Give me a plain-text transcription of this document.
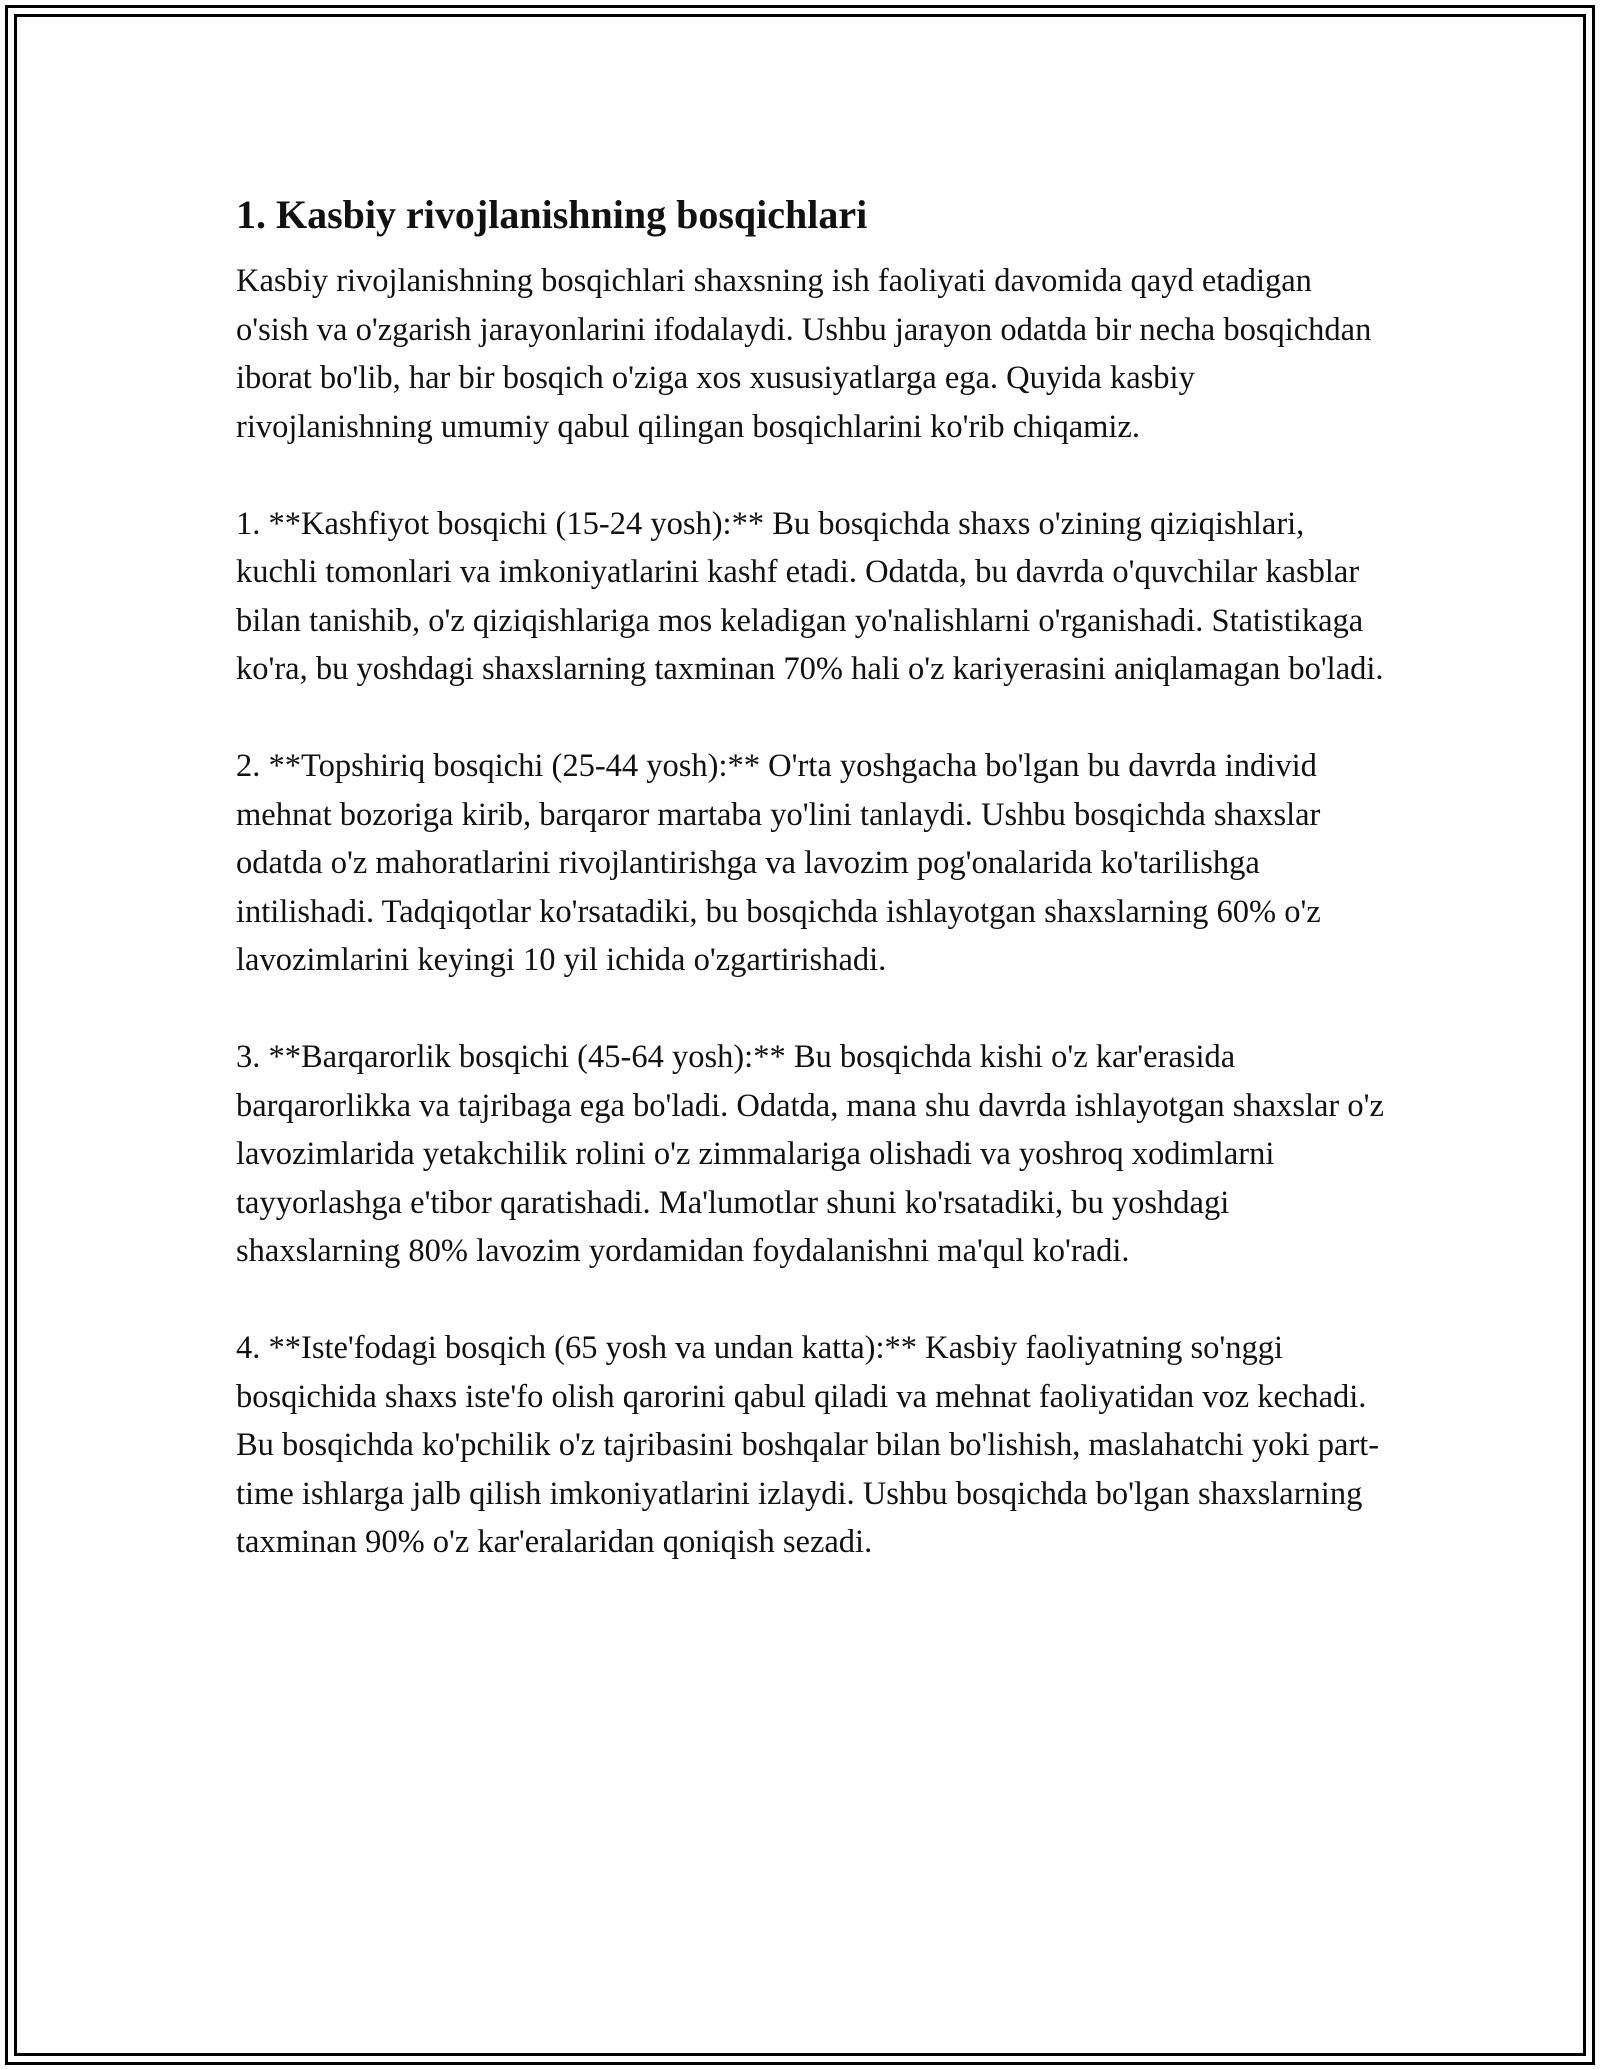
1. Kasbiy rivojlanishning bosqichlari

Kasbiy rivojlanishning bosqichlari shaxsning ish faoliyati davomida qayd etadigan o'sish va o'zgarish jarayonlarini ifodalaydi. Ushbu jarayon odatda bir necha bosqichdan iborat bo'lib, har bir bosqich o'ziga xos xususiyatlarga ega. Quyida kasbiy rivojlanishning umumiy qabul qilingan bosqichlarini ko'rib chiqamiz.

1. **Kashfiyot bosqichi (15-24 yosh):** Bu bosqichda shaxs o'zining qiziqishlari, kuchli tomonlari va imkoniyatlarini kashf etadi. Odatda, bu davrda o'quvchilar kasblar bilan tanishib, o'z qiziqishlariga mos keladigan yo'nalishlarni o'rganishadi. Statistikaga ko'ra, bu yoshdagi shaxslarning taxminan 70% hali o'z kariyerasini aniqlamagan bo'ladi.

2. **Topshiriq bosqichi (25-44 yosh):** O'rta yoshgacha bo'lgan bu davrda individ mehnat bozoriga kirib, barqaror martaba yo'lini tanlaydi. Ushbu bosqichda shaxslar odatda o'z mahoratlarini rivojlantirishga va lavozim pog'onalarida ko'tarilishga intilishadi. Tadqiqotlar ko'rsatadiki, bu bosqichda ishlayotgan shaxslarning 60% o'z lavozimlarini keyingi 10 yil ichida o'zgartirishadi.

3. **Barqarorlik bosqichi (45-64 yosh):** Bu bosqichda kishi o'z kar'erasida barqarorlikka va tajribaga ega bo'ladi. Odatda, mana shu davrda ishlayotgan shaxslar o'z lavozimlarida yetakchilik rolini o'z zimmalariga olishadi va yoshroq xodimlarni tayyorlashga e'tibor qaratishadi. Ma'lumotlar shuni ko'rsatadiki, bu yoshdagi shaxslarning 80% lavozim yordamidan foydalanishni ma'qul ko'radi.

4. **Iste'fodagi bosqich (65 yosh va undan katta):** Kasbiy faoliyatning so'nggi bosqichida shaxs iste'fo olish qarorini qabul qiladi va mehnat faoliyatidan voz kechadi. Bu bosqichda ko'pchilik o'z tajribasini boshqalar bilan bo'lishish, maslahatchi yoki part-time ishlarga jalb qilish imkoniyatlarini izlaydi. Ushbu bosqichda bo'lgan shaxslarning taxminan 90% o'z kar'eralaridan qoniqish sezadi.
